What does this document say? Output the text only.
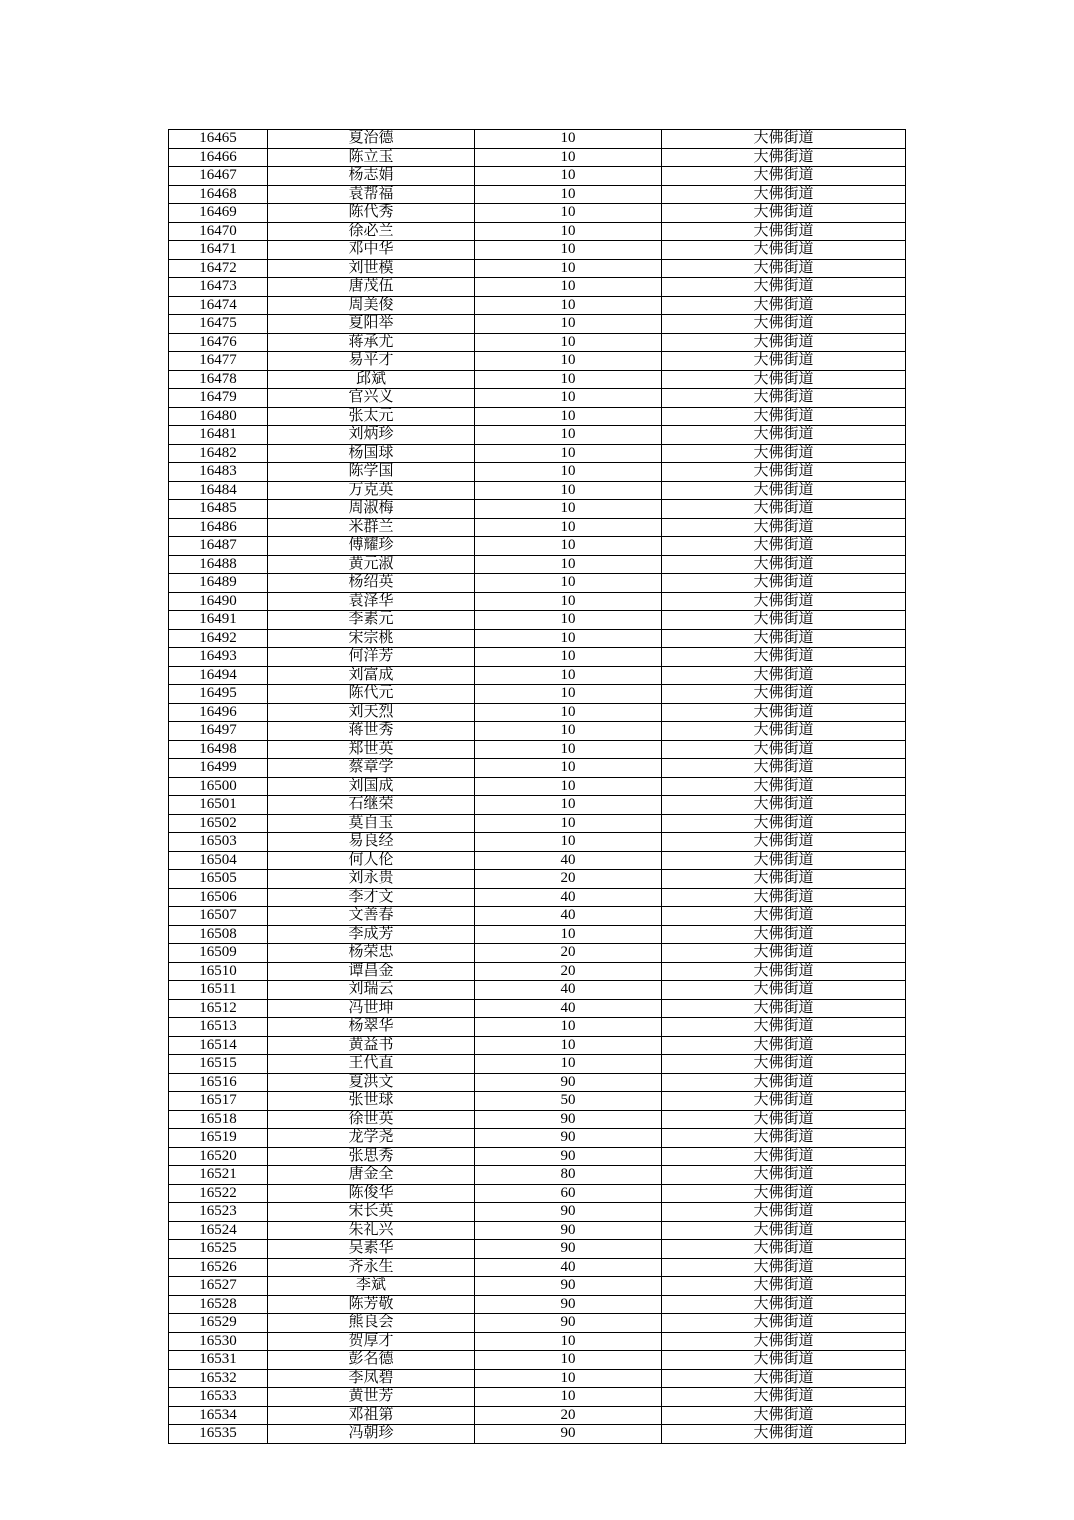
16465	夏治德	10	大佛街道
16466	陈立玉	10	大佛街道
16467	杨志娟	10	大佛街道
16468	袁帮福	10	大佛街道
16469	陈代秀	10	大佛街道
16470	徐必兰	10	大佛街道
16471	邓中华	10	大佛街道
16472	刘世模	10	大佛街道
16473	唐茂伍	10	大佛街道
16474	周美俊	10	大佛街道
16475	夏阳举	10	大佛街道
16476	蒋承尤	10	大佛街道
16477	易平才	10	大佛街道
16478	邱斌	10	大佛街道
16479	官兴义	10	大佛街道
16480	张太元	10	大佛街道
16481	刘炳珍	10	大佛街道
16482	杨国球	10	大佛街道
16483	陈学国	10	大佛街道
16484	万克英	10	大佛街道
16485	周淑梅	10	大佛街道
16486	米群兰	10	大佛街道
16487	傅耀珍	10	大佛街道
16488	黄元淑	10	大佛街道
16489	杨绍英	10	大佛街道
16490	袁泽华	10	大佛街道
16491	李素元	10	大佛街道
16492	宋宗桃	10	大佛街道
16493	何洋芳	10	大佛街道
16494	刘富成	10	大佛街道
16495	陈代元	10	大佛街道
16496	刘天烈	10	大佛街道
16497	蒋世秀	10	大佛街道
16498	郑世英	10	大佛街道
16499	蔡章学	10	大佛街道
16500	刘国成	10	大佛街道
16501	石继荣	10	大佛街道
16502	莫自玉	10	大佛街道
16503	易良经	10	大佛街道
16504	何人伦	40	大佛街道
16505	刘永贵	20	大佛街道
16506	李才文	40	大佛街道
16507	文善春	40	大佛街道
16508	李成芳	10	大佛街道
16509	杨荣忠	20	大佛街道
16510	谭昌金	20	大佛街道
16511	刘瑞云	40	大佛街道
16512	冯世坤	40	大佛街道
16513	杨翠华	10	大佛街道
16514	黄益书	10	大佛街道
16515	王代直	10	大佛街道
16516	夏洪文	90	大佛街道
16517	张世球	50	大佛街道
16518	徐世英	90	大佛街道
16519	龙学尧	90	大佛街道
16520	张思秀	90	大佛街道
16521	唐金全	80	大佛街道
16522	陈俊华	60	大佛街道
16523	宋长英	90	大佛街道
16524	朱礼兴	90	大佛街道
16525	吴素华	90	大佛街道
16526	齐永生	40	大佛街道
16527	李斌	90	大佛街道
16528	陈芳敬	90	大佛街道
16529	熊良会	90	大佛街道
16530	贺厚才	10	大佛街道
16531	彭名德	10	大佛街道
16532	李凤碧	10	大佛街道
16533	黄世芳	10	大佛街道
16534	邓祖第	20	大佛街道
16535	冯朝珍	90	大佛街道
